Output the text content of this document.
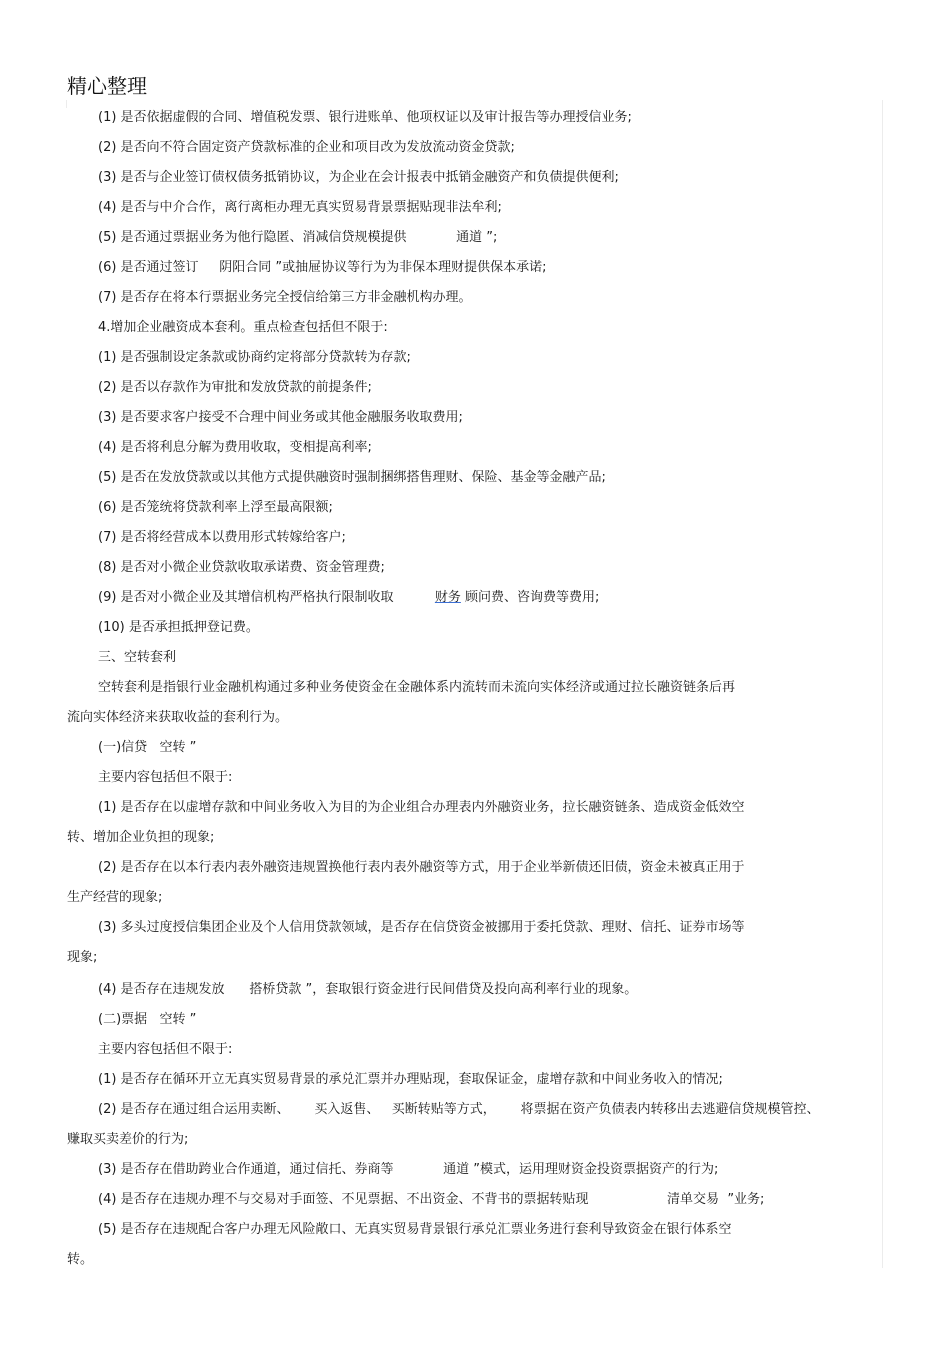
精心整理
(1) 是否依据虚假的合同、增值税发票、银行进账单、他项权证以及审计报告等办理授信业务;
(2) 是否向不符合固定资产贷款标准的企业和项目改为发放流动资金贷款;
(3) 是否与企业签订债权债务抵销协议，为企业在会计报表中抵销金融资产和负债提供便利;
(4) 是否与中介合作，离行离柜办理无真实贸易背景票据贴现非法牟利;
(5) 是否通过票据业务为他行隐匿、消减信贷规模提供            通道 ”;
(6) 是否通过签订     阴阳合同 ”或抽屉协议等行为为非保本理财提供保本承诺;
(7) 是否存在将本行票据业务完全授信给第三方非金融机构办理。
4.增加企业融资成本套利。重点检查包括但不限于:
(1) 是否强制设定条款或协商约定将部分贷款转为存款;
(2) 是否以存款作为审批和发放贷款的前提条件;
(3) 是否要求客户接受不合理中间业务或其他金融服务收取费用;
(4) 是否将利息分解为费用收取，变相提高利率;
(5) 是否在发放贷款或以其他方式提供融资时强制捆绑搭售理财、保险、基金等金融产品;
(6) 是否笼统将贷款利率上浮至最高限额;
(7) 是否将经营成本以费用形式转嫁给客户;
(8) 是否对小微企业贷款收取承诺费、资金管理费;
(9) 是否对小微企业及其增信机构严格执行限制收取          财务 顾问费、咨询费等费用;
(10) 是否承担抵押登记费。
三、空转套利
空转套利是指银行业金融机构通过多种业务使资金在金融体系内流转而未流向实体经济或通过拉长融资链条后再
流向实体经济来获取收益的套利行为。
(一)信贷   空转 ”
主要内容包括但不限于:
(1) 是否存在以虚增存款和中间业务收入为目的为企业组合办理表内外融资业务，拉长融资链条、造成资金低效空
转、增加企业负担的现象;
(2) 是否存在以本行表内表外融资违规置换他行表内表外融资等方式，用于企业举新债还旧债，资金未被真正用于
生产经营的现象;
(3) 多头过度授信集团企业及个人信用贷款领域，是否存在信贷资金被挪用于委托贷款、理财、信托、证券市场等
现象;
(4) 是否存在违规发放      搭桥贷款 ”，套取银行资金进行民间借贷及投向高利率行业的现象。
(二)票据   空转 ”
主要内容包括但不限于:
(1) 是否存在循环开立无真实贸易背景的承兑汇票并办理贴现，套取保证金，虚增存款和中间业务收入的情况;
(2) 是否存在通过组合运用卖断、      买入返售、   买断转贴等方式，      将票据在资产负债表内转移出去逃避信贷规模管控、
赚取买卖差价的行为;
(3) 是否存在借助跨业合作通道，通过信托、券商等            通道 ”模式，运用理财资金投资票据资产的行为;
(4) 是否存在违规办理不与交易对手面签、不见票据、不出资金、不背书的票据转贴现                   清单交易  ”业务;
(5) 是否存在违规配合客户办理无风险敞口、无真实贸易背景银行承兑汇票业务进行套利导致资金在银行体系空
转。
